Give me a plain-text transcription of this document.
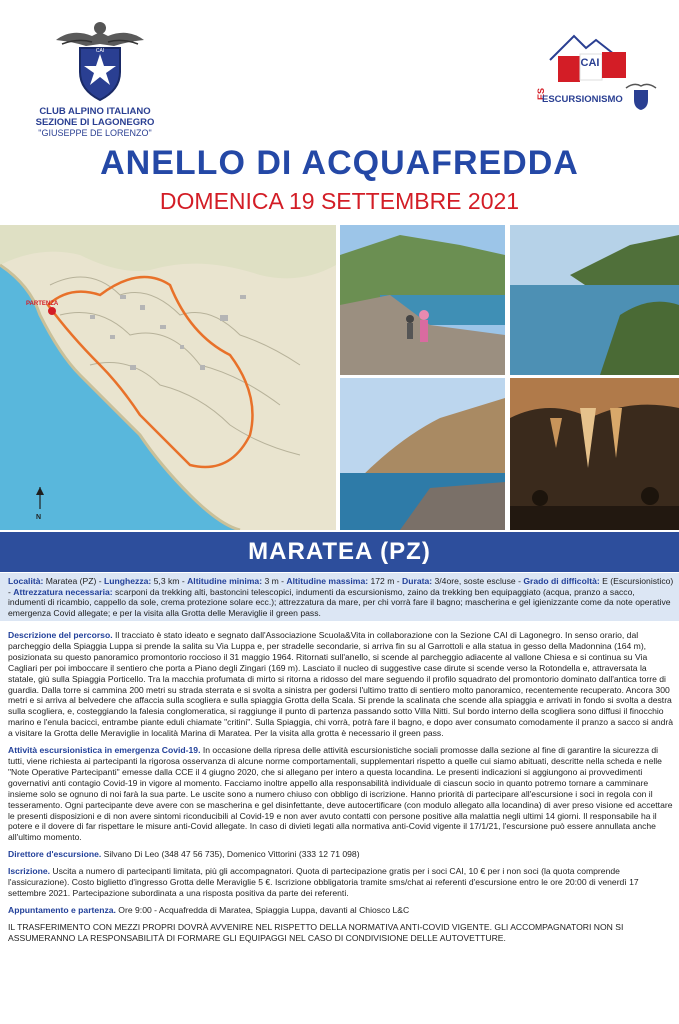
CAI
CLUB ALPINO ITALIANO
SEZIONE DI LAGONEGRO
"GIUSEPPE DE LORENZO"
CAI
ES
ESCURSIONISMO
ANELLO DI ACQUAFREDDA
DOMENICA 19 SETTEMBRE 2021
PARTENZA
N
MARATEA (PZ)
Località: Maratea (PZ) - Lunghezza: 5,3 km - Altitudine minima: 3 m - Altitudine massima: 172 m - Durata: 3/4ore, soste escluse - Grado di difficoltà: E (Escursionistico) - Attrezzatura necessaria: scarponi da trekking alti, bastoncini telescopici, indumenti da escursionismo, zaino da trekking ben equipaggiato (acqua, pranzo a sacco, indumenti di ricambio, cappello da sole, crema protezione solare ecc.); attrezzatura da mare, per chi vorrà fare il bagno; mascherina e gel igienizzante come da note operative emergenza Covid allegate; e per la visita alla Grotta delle Meraviglie il green pass.

Descrizione del percorso. Il tracciato è stato ideato e segnato dall'Associazione Scuola&Vita in collaborazione con la Sezione CAI di Lagonegro. In senso orario, dal parcheggio della Spiaggia Luppa si prende la salita su Via Luppa e, per stradelle secondarie, si arriva fin su al Garrottoli e alla statua in gesso della Madonnina (164 m), posizionata su questo panoramico promontorio roccioso il 31 maggio 1964. Ritornati sull'anello, si scende al parcheggio adiacente al vallone Chiesa e si continua su Via Cagliari per poi imboccare il sentiero che porta a Piano degli Zingari (169 m). Lasciato il nucleo di suggestive case dirute si scende verso la Rotondella e, attraversata la statale, giù sulla Spiaggia Porticello. Tra la macchia profumata di mirto si ritorna a ridosso del mare seguendo il profilo squadrato del promontorio dominato dall'antica torre di guardia. Dalla torre si cammina 200 metri su strada sterrata e si svolta a sinistra per godersi l'ultimo tratto di sentiero molto panoramico, recentemente recuperato. Ancora 300 metri e si arriva al belvedere che affaccia sulla scogliera e sulla spiaggia Grotta della Scala. Si prende la scalinata che scende alla spiaggia e arrivati in fondo si svolta a destra sulla scogliera, e, costeggiando la falesia conglomeratica, si raggiunge il punto di partenza passando sotto Villa Nitti. Sul bordo interno della scogliera sono diffusi il finocchio marino e l'enula bacicci, entrambe piante eduli chiamate "critini". Sulla Spiaggia, chi vorrà, potrà fare il bagno, e dopo aver consumato comodamente il pranzo a sacco si andrà a visitare la Grotta delle Meraviglie in località Marina di Maratea. Per la visita alla grotta è necessario il green pass.

Attività escursionistica in emergenza Covid-19. In occasione della ripresa delle attività escursionistiche sociali promosse dalla sezione al fine di garantire la sicurezza di tutti, viene richiesta ai partecipanti la rigorosa osservanza di alcune norme comportamentali, supplementari rispetto a quelle cui siamo abituati, descritte nella scheda e nelle "Note Operative Partecipanti" emesse dalla CCE il 4 giugno 2020, che si allegano per intero a questa locandina. Le presenti indicazioni si aggiungono ai provvedimenti governativi anti contagio Covid-19 in vigore al momento. Facciamo inoltre appello alla responsabilità individuale di ciascun socio in quanto potremo tornare a camminare insieme solo se ognuno di noi farà la sua parte. Le uscite sono a numero chiuso con obbligo di iscrizione. Hanno priorità di partecipare all'escursione i soci in regola con il tesseramento. Ogni partecipante deve avere con se mascherina e gel disinfettante, deve autocertificare (con modulo allegato alla locandina) di aver preso visione ed accettare le presenti disposizioni e di non avere sintomi riconducibili al Covid-19 e non aver avuto contatti con persone positive alla malattia negli ultimi 14 giorni. Il responsabile ha il potere e il dovere di far rispettare le misure anti-Covid allegate. In caso di divieti legati alla normativa anti-Covid vigente il 17/1/21, l'escursione può essere annullata anche all'ultimo momento.

Direttore d'escursione. Silvano Di Leo (348 47 56 735), Domenico Vittorini (333 12 71 098)

Iscrizione. Uscita a numero di partecipanti limitata, più gli accompagnatori. Quota di partecipazione gratis per i soci CAI, 10 € per i non soci (la quota comprende l'assicurazione). Costo biglietto d'ingresso Grotta delle Meraviglie 5 €. Iscrizione obbligatoria tramite sms/chat ai referenti d'escursione entro le ore 20:00 di venerdì 17 settembre 2021. Partecipazione subordinata a una risposta positiva da parte dei referenti.

Appuntamento e partenza. Ore 9:00 - Acquafredda di Maratea, Spiaggia Luppa, davanti al Chiosco L&C

IL TRASFERIMENTO CON MEZZI PROPRI DOVRÀ AVVENIRE NEL RISPETTO DELLA NORMATIVA ANTI-COVID VIGENTE. GLI ACCOMPAGNATORI NON SI ASSUMERANNO LA RESPONSABILITÀ DI FORMARE GLI EQUIPAGGI NEL CASO DI CONDIVISIONE DELLE AUTOVETTURE.
